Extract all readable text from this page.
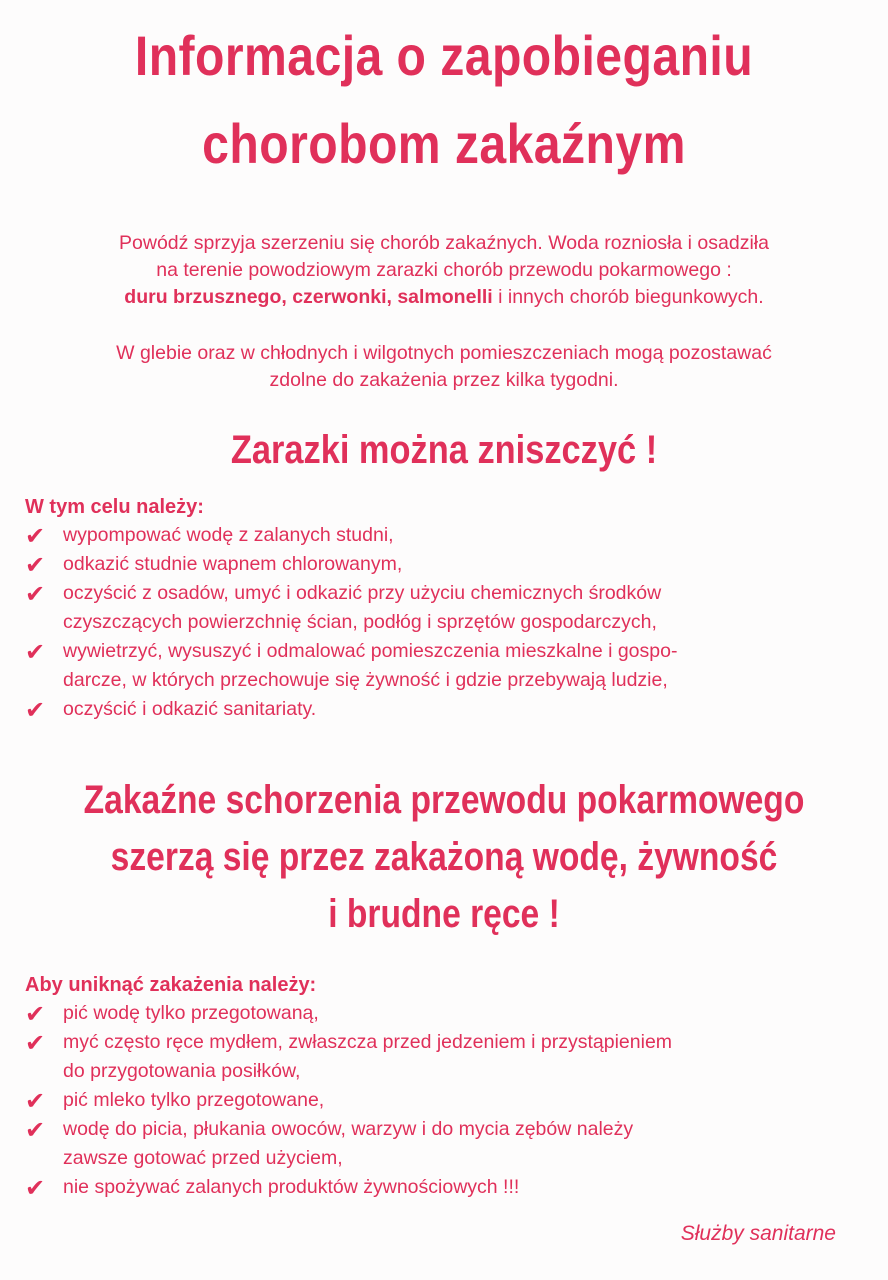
Informacja o zapobieganiu
chorobom zakaźnym
Powódź sprzyja szerzeniu się chorób zakaźnych. Woda rozniosła i osadziła
na terenie powodziowym zarazki chorób przewodu pokarmowego :
duru brzusznego, czerwonki, salmonelli i innych chorób biegunkowych.
W glebie oraz w chłodnych i wilgotnych pomieszczeniach mogą pozostawać
zdolne do zakażenia przez kilka tygodni.
Zarazki można zniszczyć !

W tym celu należy:

✔ wypompować wodę z zalanych studni,
✔ odkazić studnie wapnem chlorowanym,
✔ oczyścić z osadów, umyć i odkazić przy użyciu chemicznych środków
czyszczących powierzchnię ścian, podłóg i sprzętów gospodarczych,
✔ wywietrzyć, wysuszyć i odmalować pomieszczenia mieszkalne i gospo-
darcze, w których przechowuje się żywność i gdzie przebywają ludzie,
✔ oczyścić i odkazić sanitariaty.
Zakaźne schorzenia przewodu pokarmowego
szerzą się przez zakażoną wodę, żywność
i brudne ręce !

Aby uniknąć zakażenia należy:

✔ pić wodę tylko przegotowaną,
✔ myć często ręce mydłem, zwłaszcza przed jedzeniem i przystąpieniem
do przygotowania posiłków,
✔ pić mleko tylko przegotowane,
✔ wodę do picia, płukania owoców, warzyw i do mycia zębów należy
zawsze gotować przed użyciem,
✔ nie spożywać zalanych produktów żywnościowych !!!
Służby sanitarne
